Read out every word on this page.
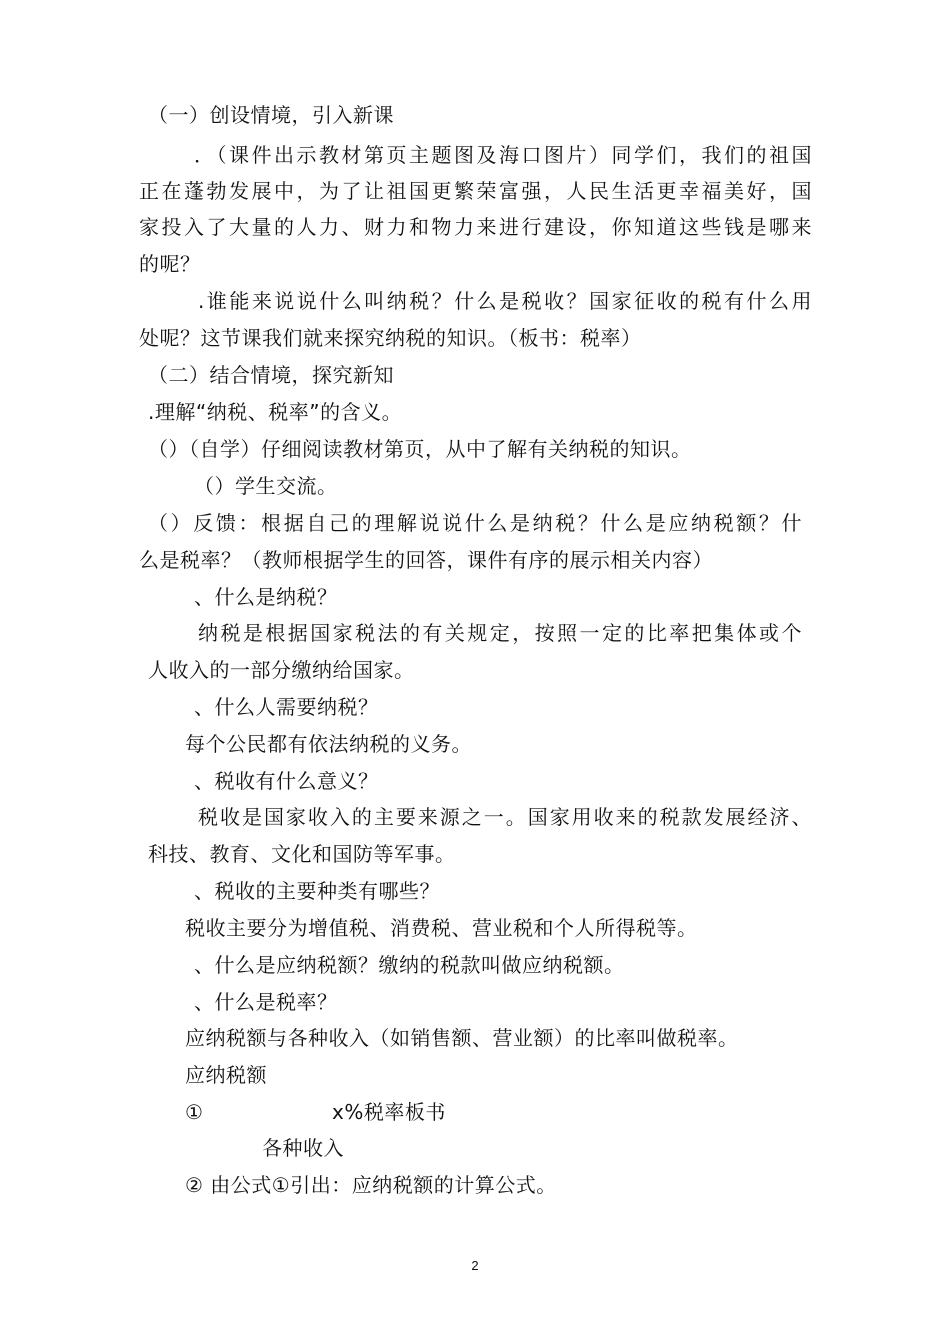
（一）创设情境，引入新课
．（课件出示教材第页主题图及海口图片）同学们，我们的祖国
正在蓬勃发展中，为了让祖国更繁荣富强，人民生活更幸福美好，国
家投入了大量的人力、财力和物力来进行建设，你知道这些钱是哪来
的呢？
.谁能来说说什么叫纳税？什么是税收？国家征收的税有什么用
处呢？这节课我们就来探究纳税的知识。（板书：税率）
（二）结合情境，探究新知
.理解“纳税、税率”的含义。
（）（自学）仔细阅读教材第页，从中了解有关纳税的知识。
（）学生交流。
（）反馈：根据自己的理解说说什么是纳税？什么是应纳税额？什
么是税率？（教师根据学生的回答，课件有序的展示相关内容）
、什么是纳税？
纳税是根据国家税法的有关规定，按照一定的比率把集体或个
人收入的一部分缴纳给国家。
、什么人需要纳税？
每个公民都有依法纳税的义务。
、税收有什么意义？
税收是国家收入的主要来源之一。国家用收来的税款发展经济、
科技、教育、文化和国防等军事。
、税收的主要种类有哪些？
税收主要分为增值税、消费税、营业税和个人所得税等。
、什么是应纳税额？缴纳的税款叫做应纳税额。
、什么是税率？
应纳税额与各种收入（如销售额、营业额）的比率叫做税率。
应纳税额
①	x%税率板书
各种收入
② 由公式①引出：应纳税额的计算公式。
2
